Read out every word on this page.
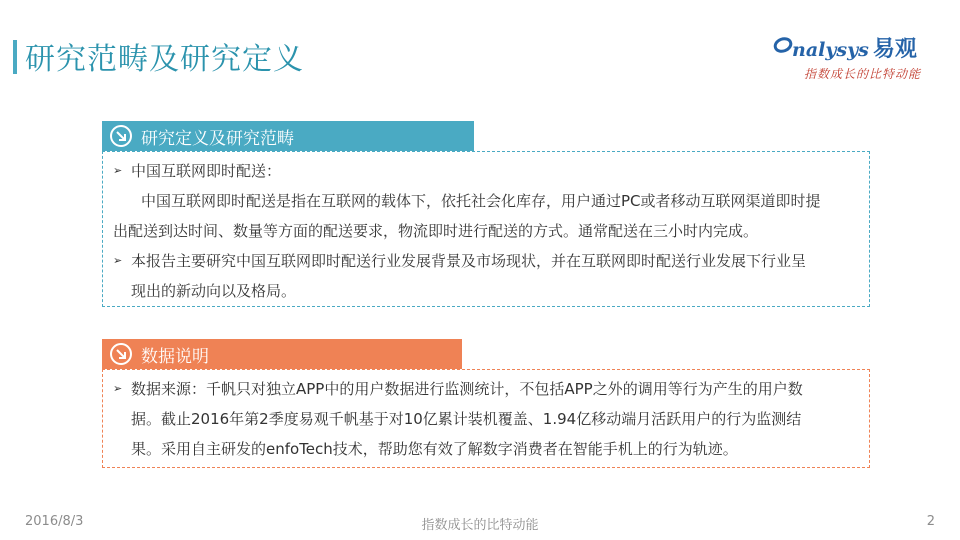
研究范畴及研究定义	nalysys 易观
指数成长的比特动能
研究定义及研究范畴
➢ 中国互联网即时配送：
中国互联网即时配送是指在互联网的载体下，依托社会化库存，用户通过PC或者移动互联网渠道即时提
出配送到达时间、数量等方面的配送要求，物流即时进行配送的方式。通常配送在三小时内完成。
➢ 本报告主要研究中国互联网即时配送行业发展背景及市场现状，并在互联网即时配送行业发展下行业呈
现出的新动向以及格局。
数据说明
➢ 数据来源：千帆只对独立APP中的用户数据进行监测统计，不包括APP之外的调用等行为产生的用户数
据。截止2016年第2季度易观千帆基于对10亿累计装机覆盖、1.94亿移动端月活跃用户的行为监测结
果。采用自主研发的enfoTech技术，帮助您有效了解数字消费者在智能手机上的行为轨迹。
指数成长的比特动能
2016/8/3	2
